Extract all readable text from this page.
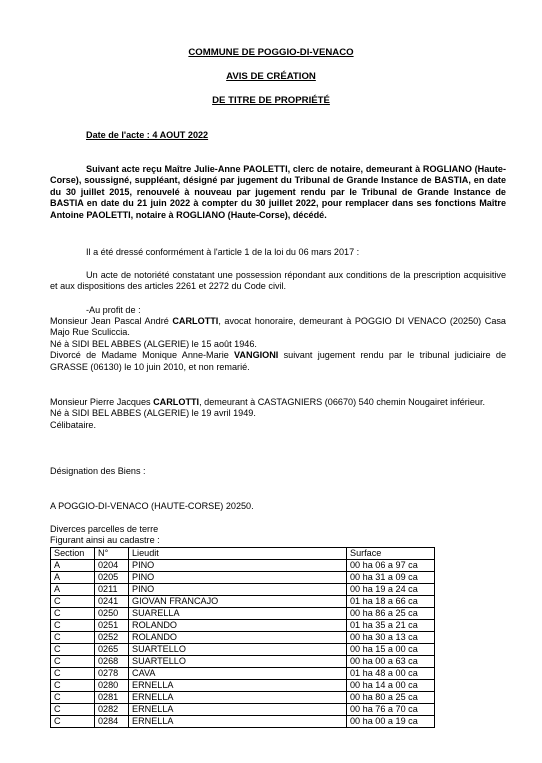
COMMUNE DE POGGIO-DI-VENACO
AVIS DE CRÉATION
DE TITRE DE PROPRIÉTÉ
Date de l'acte : 4 AOUT 2022
Suivant acte reçu Maître Julie-Anne PAOLETTI, clerc de notaire, demeurant à ROGLIANO (Haute-Corse), soussigné, suppléant, désigné par jugement du Tribunal de Grande Instance de BASTIA, en date du 30 juillet 2015, renouvelé à nouveau par jugement rendu par le Tribunal de Grande Instance de BASTIA en date du 21 juin 2022 à compter du 30 juillet 2022, pour remplacer dans ses fonctions Maître Antoine PAOLETTI, notaire à ROGLIANO (Haute-Corse), décédé.
Il a été dressé conformément à l'article 1 de la loi du 06 mars 2017 :
Un acte de notoriété constatant une possession répondant aux conditions de la prescription acquisitive et aux dispositions des articles 2261 et 2272 du Code civil.
-Au profit de :
Monsieur Jean Pascal André CARLOTTI, avocat honoraire, demeurant à POGGIO DI VENACO (20250) Casa Majo Rue Sculiccia.
Né à SIDI BEL ABBES (ALGERIE) le 15 août 1946.
Divorcé de Madame Monique Anne-Marie VANGIONI suivant jugement rendu par le tribunal judiciaire de GRASSE (06130) le 10 juin 2010, et non remarié.
Monsieur Pierre Jacques CARLOTTI, demeurant à CASTAGNIERS (06670) 540 chemin Nougairet inférieur.
Né à SIDI BEL ABBES (ALGERIE) le 19 avril 1949.
Célibataire.
Désignation des Biens :
A POGGIO-DI-VENACO (HAUTE-CORSE) 20250.
Diverces parcelles de terre
Figurant ainsi au cadastre :
Section	N°	Lieudit	Surface
A	0204	PINO	00 ha 06 a 97 ca
A	0205	PINO	00 ha 31 a 09 ca
A	0211	PINO	00 ha 19 a 24 ca
C	0241	GIOVAN FRANCAJO	01 ha 18 a 66 ca
C	0250	SUARELLA	00 ha 86 a 25 ca
C	0251	ROLANDO	01 ha 35 a 21 ca
C	0252	ROLANDO	00 ha 30 a 13 ca
C	0265	SUARTELLO	00 ha 15 a 00 ca
C	0268	SUARTELLO	00 ha 00 a 63 ca
C	0278	CAVA	01 ha 48 a 00 ca
C	0280	ERNELLA	00 ha 14 a 00 ca
C	0281	ERNELLA	00 ha 80 a 25 ca
C	0282	ERNELLA	00 ha 76 a 70 ca
C	0284	ERNELLA	00 ha 00 a 19 ca
